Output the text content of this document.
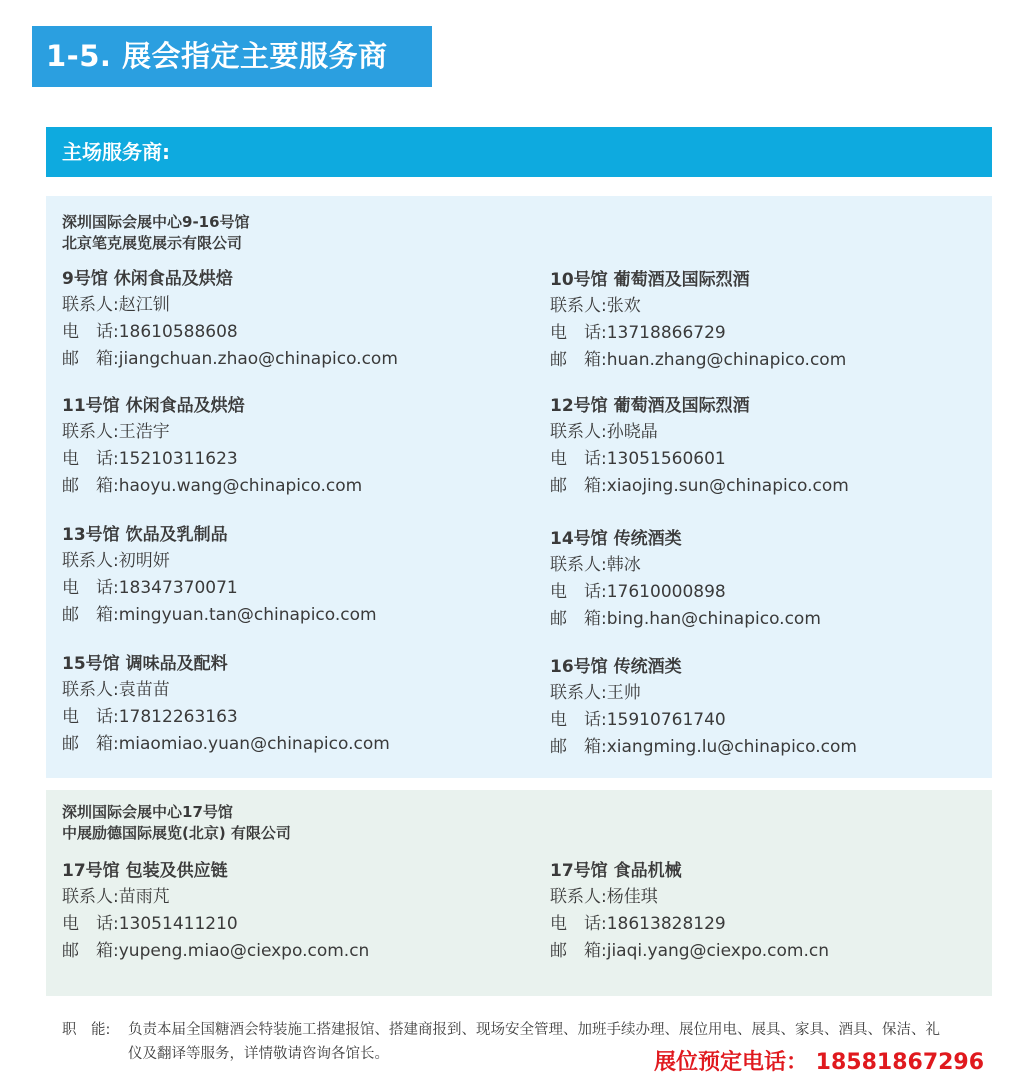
1-5. 展会指定主要服务商
主场服务商:
深圳国际会展中心9-16号馆
北京笔克展览展示有限公司
9号馆 休闲食品及烘焙
联系人:赵江钏
电　话:18610588608
邮　箱:jiangchuan.zhao@chinapico.com
10号馆 葡萄酒及国际烈酒
联系人:张欢
电　话:13718866729
邮　箱:huan.zhang@chinapico.com
11号馆 休闲食品及烘焙
联系人:王浩宇
电　话:15210311623
邮　箱:haoyu.wang@chinapico.com
12号馆 葡萄酒及国际烈酒
联系人:孙晓晶
电　话:13051560601
邮　箱:xiaojing.sun@chinapico.com
13号馆 饮品及乳制品
联系人:初明妍
电　话:18347370071
邮　箱:mingyuan.tan@chinapico.com
14号馆 传统酒类
联系人:韩冰
电　话:17610000898
邮　箱:bing.han@chinapico.com
15号馆 调味品及配料
联系人:袁苗苗
电　话:17812263163
邮　箱:miaomiao.yuan@chinapico.com
16号馆 传统酒类
联系人:王帅
电　话:15910761740
邮　箱:xiangming.lu@chinapico.com
深圳国际会展中心17号馆
中展励德国际展览(北京) 有限公司
17号馆 包装及供应链
联系人:苗雨芃
电　话:13051411210
邮　箱:yupeng.miao@ciexpo.com.cn
17号馆 食品机械
联系人:杨佳琪
电　话:18613828129
邮　箱:jiaqi.yang@ciexpo.com.cn
职　能:	负责本届全国糖酒会特装施工搭建报馆、搭建商报到、现场安全管理、加班手续办理、展位用电、展具、家具、酒具、保洁、礼仪及翻译等服务，详情敬请咨询各馆长。	展位预定电话： 18581867296
